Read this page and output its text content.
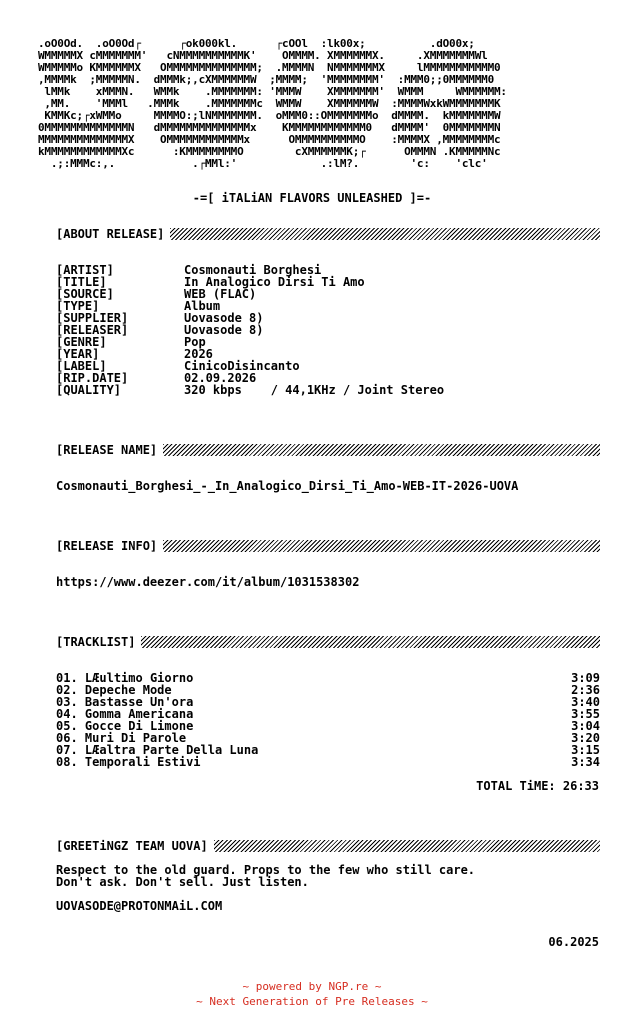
.oO0Od.  .oO0Od┌      ┌ok000kl.      ┌cOOl  :lk00x;          .dO00x;
WMMMMMX cMMMMMMM'   cNMMMMMMMMMMK'    OMMMM. XMMMMMMX.     .XMMMMMMMWl
WMMMMMo KMMMMMMX   OMMMMMMMMMMMMMM;  .MMMMN  NMMMMMMMX     lMMMMMMMMMMM0
,MMMMk  ;MMMMMN.  dMMMk;,cXMMMMMMW  ;MMMM;  'MMMMMMMM'  :MMM0;;0MMMMMM0
lMMk    xMMMN.   WMMk    .MMMMMMM: 'MMMW    XMMMMMMM'  WMMM     WMMMMMM:
,MM.    'MMMl   .MMMk    .MMMMMMMc  WMMW    XMMMMMMW  :MMMMWxkWMMMMMMMK
KMMKc;┌xWMMo     MMMMO:;lNMMMMMMM.  oMMM0::OMMMMMMMo  dMMMM.  kMMMMMMMW
0MMMMMMMMMMMMMN   dMMMMMMMMMMMMMMx    KMMMMMMMMMMMM0   dMMMM'  0MMMMMMMN
MMMMMMMMMMMMMMX    OMMMMMMMMMMMMx      OMMMMMMMMMMO    :MMMMX ,MMMMMMMMc
kMMMMMMMMMMMMXc      :KMMMMMMMMO        cXMMMMMMK;┌      OMMMN .KMMMMMNc
.;:MMMc:,.            .┌MMl:'             .:lM?.        'c:    'clc'
-=[ iTALiAN FLAVORS UNLEASHED ]=-
[ABOUT RELEASE]
[ARTIST]	Cosmonauti Borghesi
[TITLE]	In Analogico Dirsi Ti Amo
[SOURCE]	WEB (FLAC)
[TYPE]	Album
[SUPPLIER]	Uovasode 8)
[RELEASER]	Uovasode 8)
[GENRE]	Pop
[YEAR]	2026
[LABEL]	CinicoDisincanto
[RIP.DATE]	02.09.2026
[QUALITY]	320 kbps    / 44,1KHz / Joint Stereo
[RELEASE NAME]
Cosmonauti_Borghesi_-_In_Analogico_Dirsi_Ti_Amo-WEB-IT-2026-UOVA
[RELEASE INFO]
https://www.deezer.com/it/album/1031538302
[TRACKLIST]
01. LÆultimo Giorno	3:09
02. Depeche Mode	2:36
03. Bastasse Un'ora	3:40
04. Gomma Americana	3:55
05. Gocce Di Limone	3:04
06. Muri Di Parole	3:20
07. LÆaltra Parte Della Luna	3:15
08. Temporali Estivi	3:34
TOTAL TiME: 26:33
[GREETiNGZ TEAM UOVA]
Respect to the old guard. Props to the few who still care.
Don't ask. Don't sell. Just listen.
UOVASODE@PROTONMAiL.COM
06.2025
~ powered by NGP.re ~
~ Next Generation of Pre Releases ~
